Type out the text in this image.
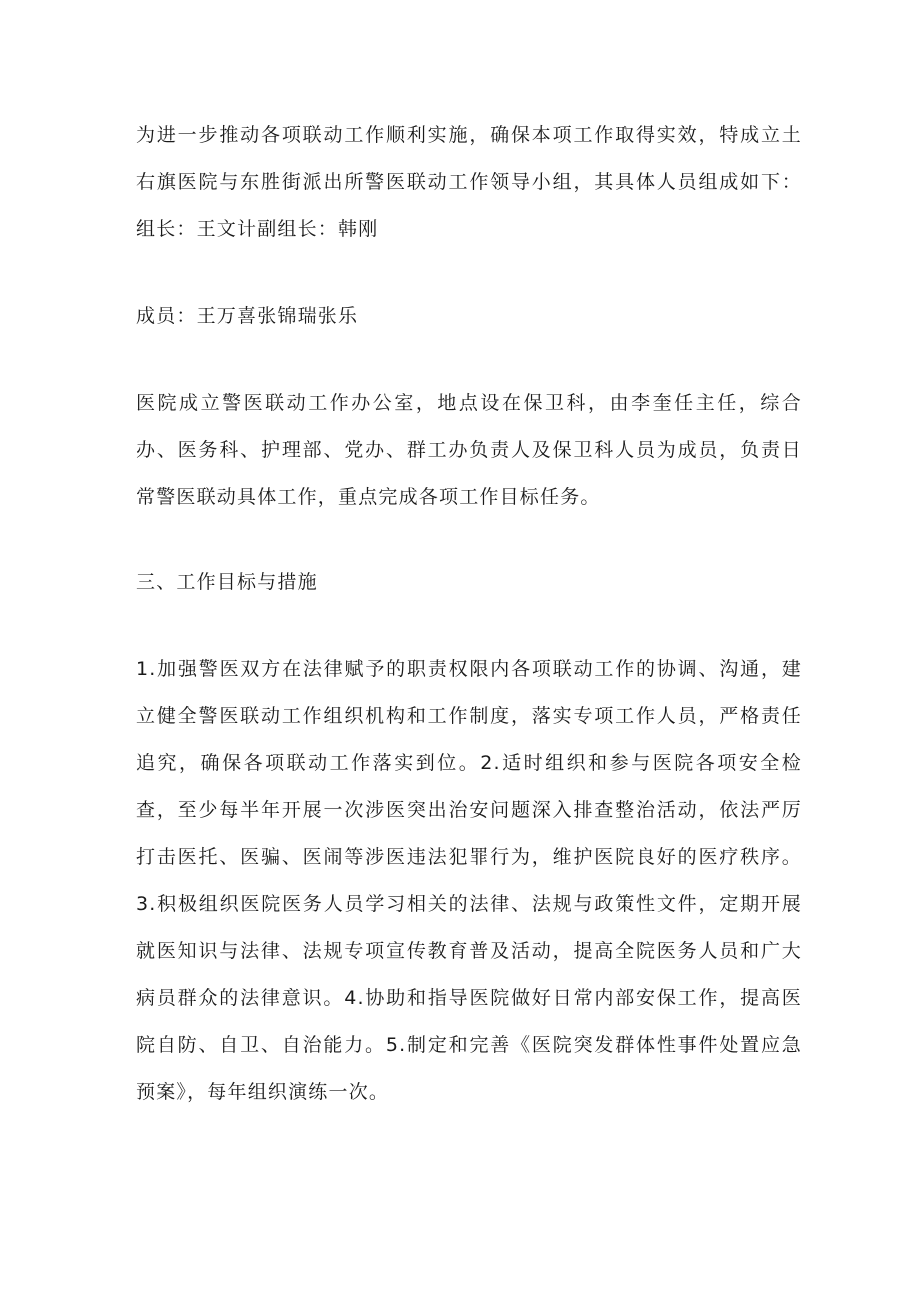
为进一步推动各项联动工作顺利实施，确保本项工作取得实效，特成立土右旗医院与东胜街派出所警医联动工作领导小组，其具体人员组成如下：组长：王文计副组长：韩刚

成员：王万喜张锦瑞张乐

医院成立警医联动工作办公室，地点设在保卫科，由李奎任主任，综合办、医务科、护理部、党办、群工办负责人及保卫科人员为成员，负责日常警医联动具体工作，重点完成各项工作目标任务。

三、工作目标与措施

1.加强警医双方在法律赋予的职责权限内各项联动工作的协调、沟通，建立健全警医联动工作组织机构和工作制度，落实专项工作人员，严格责任追究，确保各项联动工作落实到位。2.适时组织和参与医院各项安全检查，至少每半年开展一次涉医突出治安问题深入排查整治活动，依法严厉打击医托、医骗、医闹等涉医违法犯罪行为，维护医院良好的医疗秩序。3.积极组织医院医务人员学习相关的法律、法规与政策性文件，定期开展就医知识与法律、法规专项宣传教育普及活动，提高全院医务人员和广大病员群众的法律意识。4.协助和指导医院做好日常内部安保工作，提高医院自防、自卫、自治能力。5.制定和完善《医院突发群体性事件处置应急预案》，每年组织演练一次。
